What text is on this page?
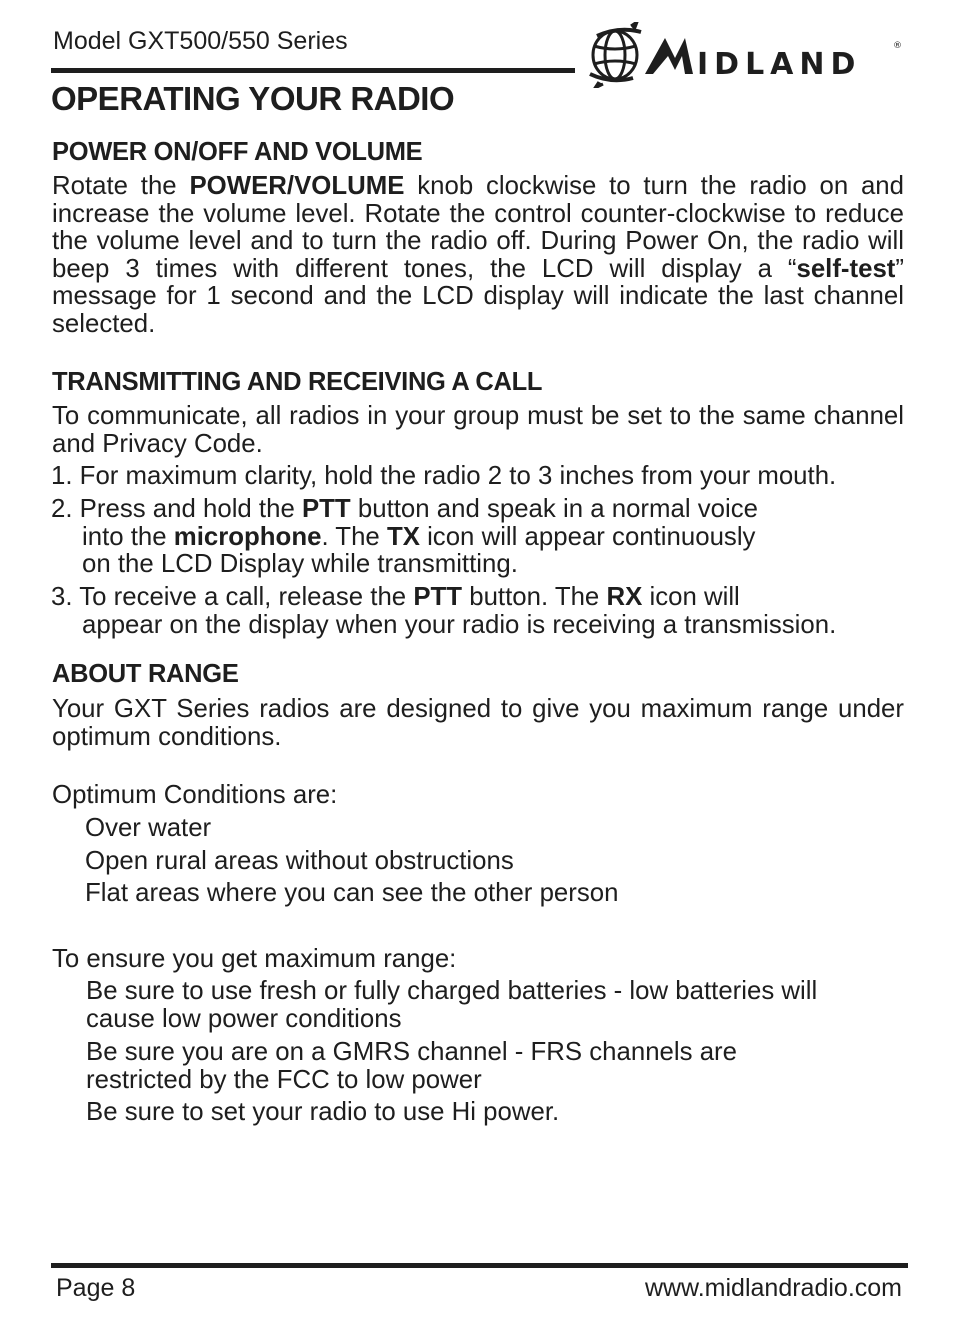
Model GXT500/550 Series
IDLAND
®
OPERATING YOUR RADIO
POWER ON/OFF AND VOLUME
Rotate the POWER/VOLUME knob clockwise to turn the radio on and increase the volume level. Rotate the control counter-clockwise to reduce the volume level and to turn the radio off. During Power On, the radio will beep 3 times with different tones, the LCD will display a “self-test” message for 1 second and the LCD display will indicate the last channel selected.
TRANSMITTING AND RECEIVING A CALL
To communicate, all radios in your group must be set to the same channel and Privacy Code.
1. For maximum clarity, hold the radio 2 to 3 inches from your mouth.
2. Press and hold the PTT button and speak in a normal voice
into the microphone. The TX icon will appear continuously
on the LCD Display while transmitting.
3. To receive a call, release the PTT button. The RX icon will
appear on the display when your radio is receiving a transmission.
ABOUT RANGE
Your GXT Series radios are designed to give you maximum range under optimum conditions.
Optimum Conditions are:
Over water
Open rural areas without obstructions
Flat areas where you can see the other person
To ensure you get maximum range:
Be sure to use fresh or fully charged batteries - low batteries will
cause low power conditions
Be sure you are on a GMRS channel - FRS channels are
restricted by the FCC to low power
Be sure to set your radio to use Hi power.
Page 8	www.midlandradio.com
